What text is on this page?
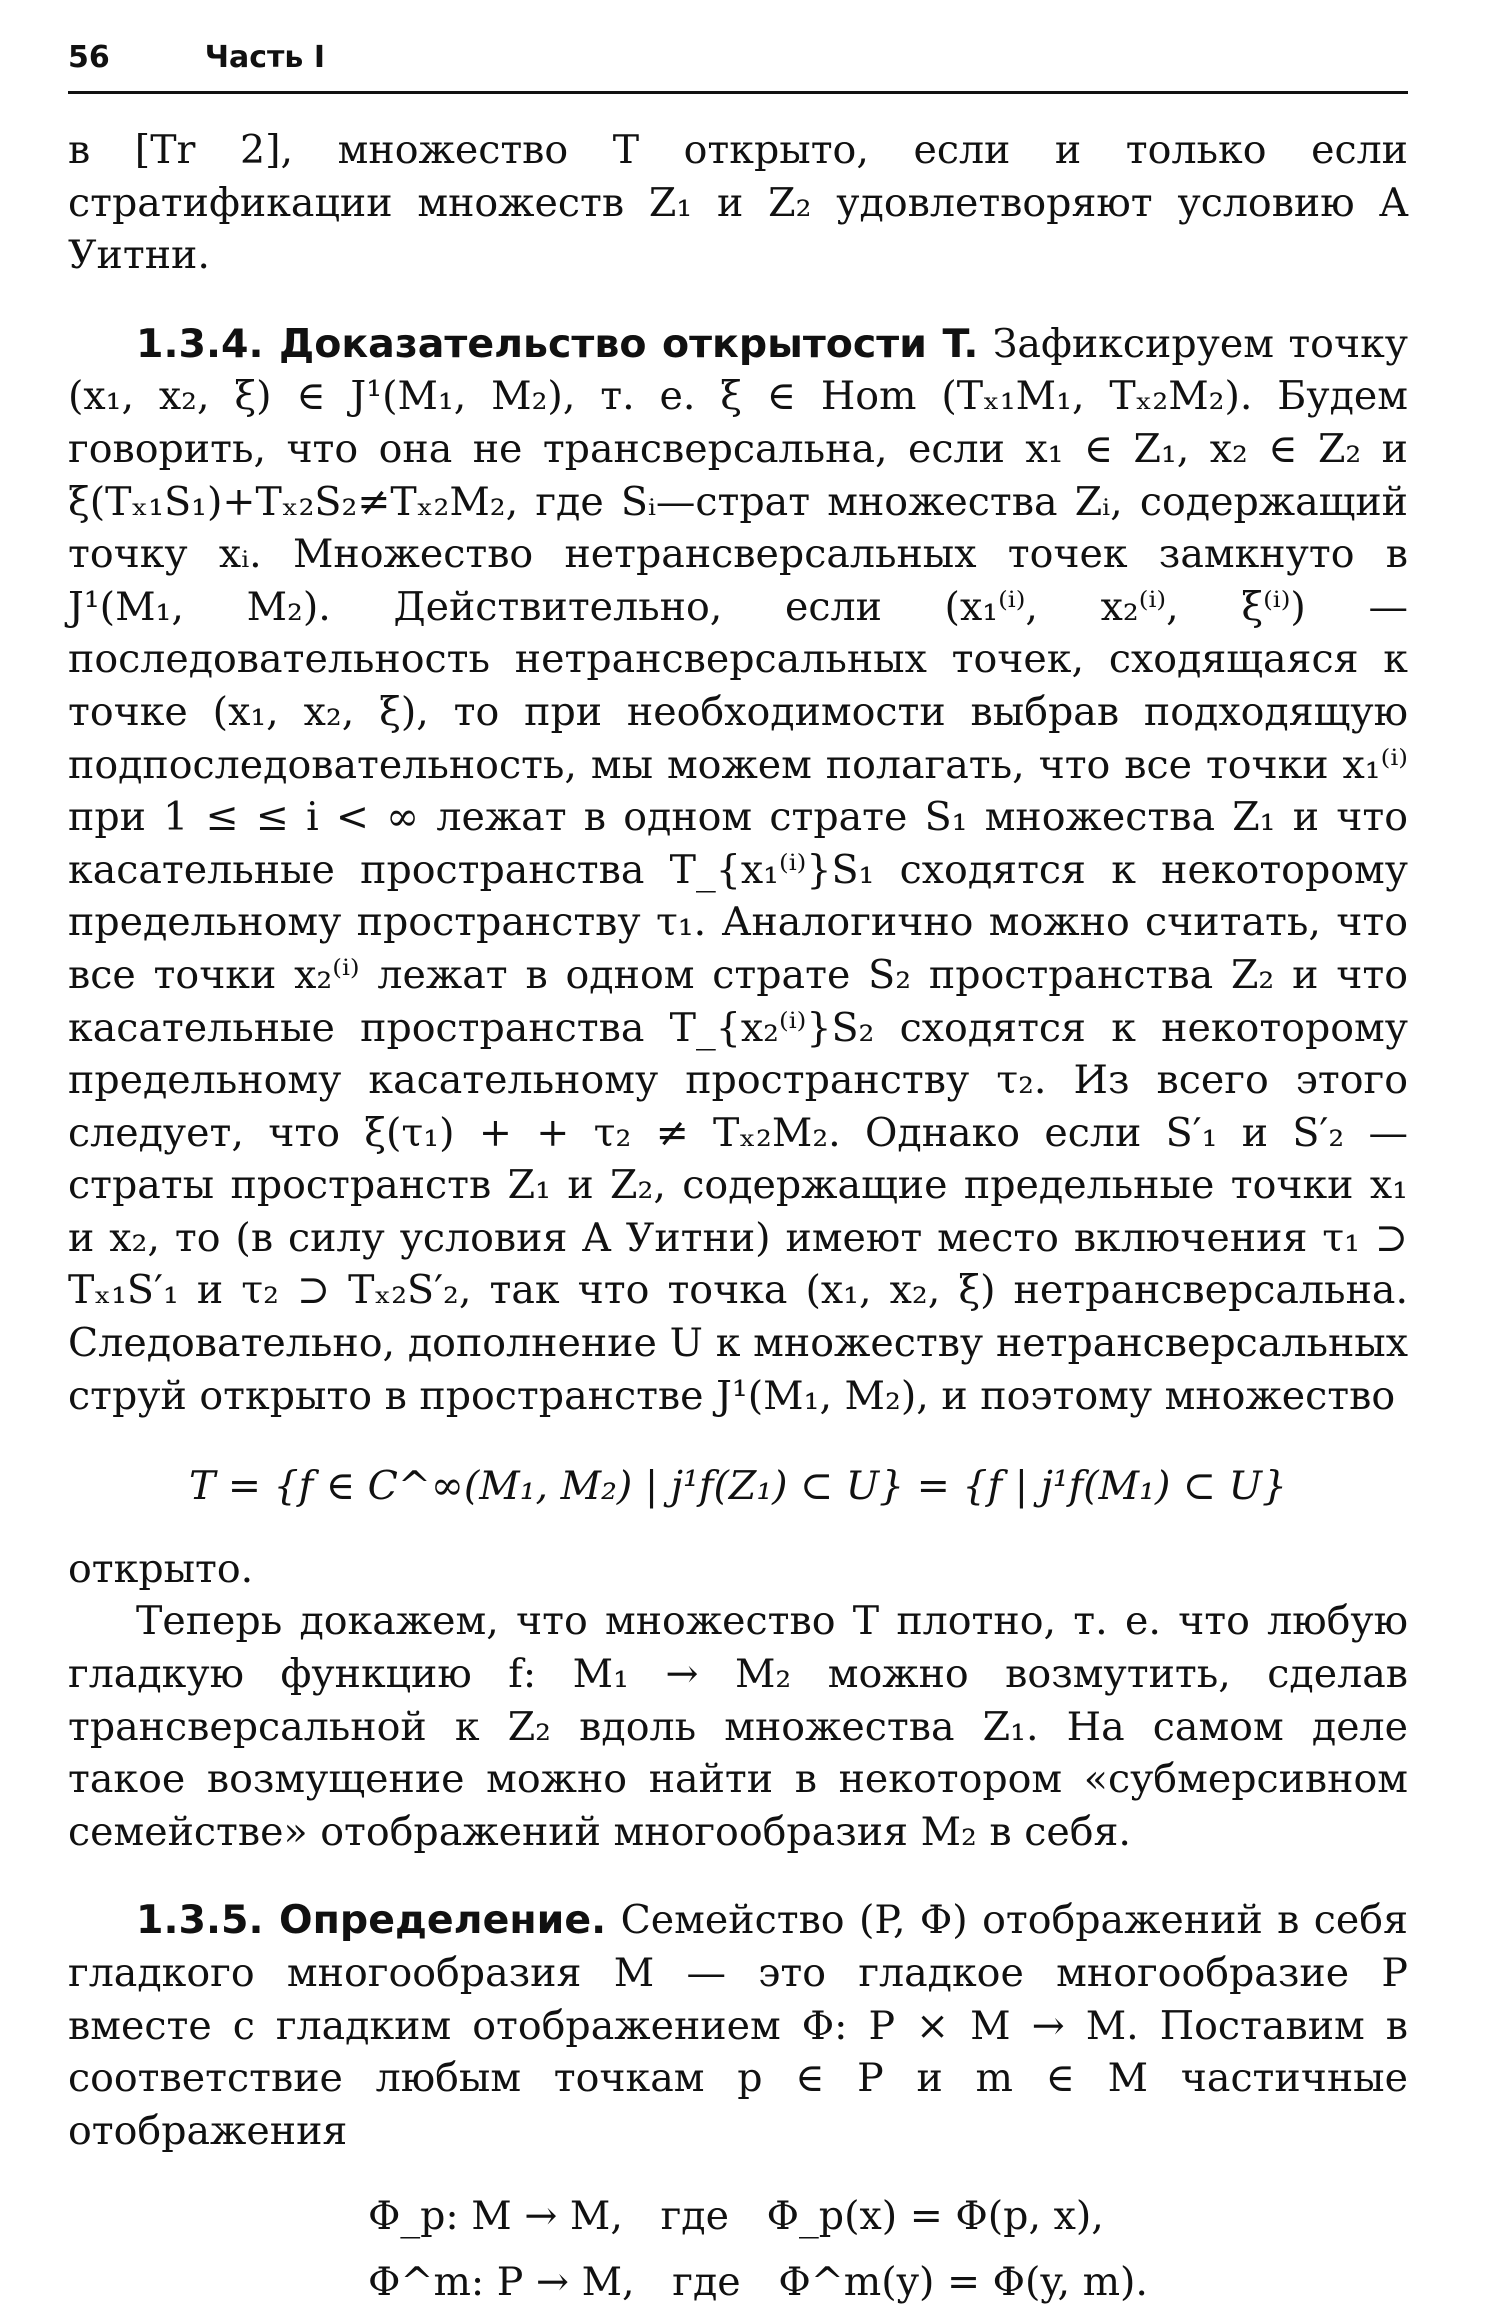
56	Часть I

в [Tr 2], множество T открыто, если и только если стратификации множеств Z₁ и Z₂ удовлетворяют условию A Уитни.

1.3.4. Доказательство открытости T. Зафиксируем точку (x₁, x₂, ξ) ∈ J¹(M₁, M₂), т. е. ξ ∈ Hom (Tₓ₁M₁, Tₓ₂M₂). Будем говорить, что она не трансверсальна, если x₁ ∈ Z₁, x₂ ∈ Z₂ и ξ(Tₓ₁S₁)+Tₓ₂S₂≠Tₓ₂M₂, где Sᵢ—страт множества Zᵢ, содержащий точку xᵢ. Множество нетрансверсальных точек замкнуто в J¹(M₁, M₂). Действительно, если (x₁⁽ⁱ⁾, x₂⁽ⁱ⁾, ξ⁽ⁱ⁾) — последовательность нетрансверсальных точек, сходящаяся к точке (x₁, x₂, ξ), то при необходимости выбрав подходящую подпоследовательность, мы можем полагать, что все точки x₁⁽ⁱ⁾ при 1 ≤ ≤ i < ∞ лежат в одном страте S₁ множества Z₁ и что касательные пространства T_{x₁⁽ⁱ⁾}S₁ сходятся к некоторому предельному пространству τ₁. Аналогично можно считать, что все точки x₂⁽ⁱ⁾ лежат в одном страте S₂ пространства Z₂ и что касательные пространства T_{x₂⁽ⁱ⁾}S₂ сходятся к некоторому предельному касательному пространству τ₂. Из всего этого следует, что ξ(τ₁) + + τ₂ ≠ Tₓ₂M₂. Однако если S′₁ и S′₂ — страты пространств Z₁ и Z₂, содержащие предельные точки x₁ и x₂, то (в силу условия A Уитни) имеют место включения τ₁ ⊃ Tₓ₁S′₁ и τ₂ ⊃ Tₓ₂S′₂, так что точка (x₁, x₂, ξ) нетрансверсальна. Следовательно, дополнение U к множеству нетрансверсальных струй открыто в пространстве J¹(M₁, M₂), и поэтому множество

T = {f ∈ C^∞(M₁, M₂) | j¹f(Z₁) ⊂ U} = {f | j¹f(M₁) ⊂ U}

открыто.

Теперь докажем, что множество T плотно, т. е. что любую гладкую функцию f: M₁ → M₂ можно возмутить, сделав трансверсальной к Z₂ вдоль множества Z₁. На самом деле такое возмущение можно найти в некотором «субмерсивном семействе» отображений многообразия M₂ в себя.

1.3.5. Определение. Семейство (P, Φ) отображений в себя гладкого многообразия M — это гладкое многообразие P вместе с гладким отображением Φ: P × M → M. Поставим в соответствие любым точкам p ∈ P и m ∈ M частичные отображения

Φ_p: M → M,   где   Φ_p(x) = Φ(p, x),
Φ^m: P → M,   где   Φ^m(y) = Φ(y, m).
